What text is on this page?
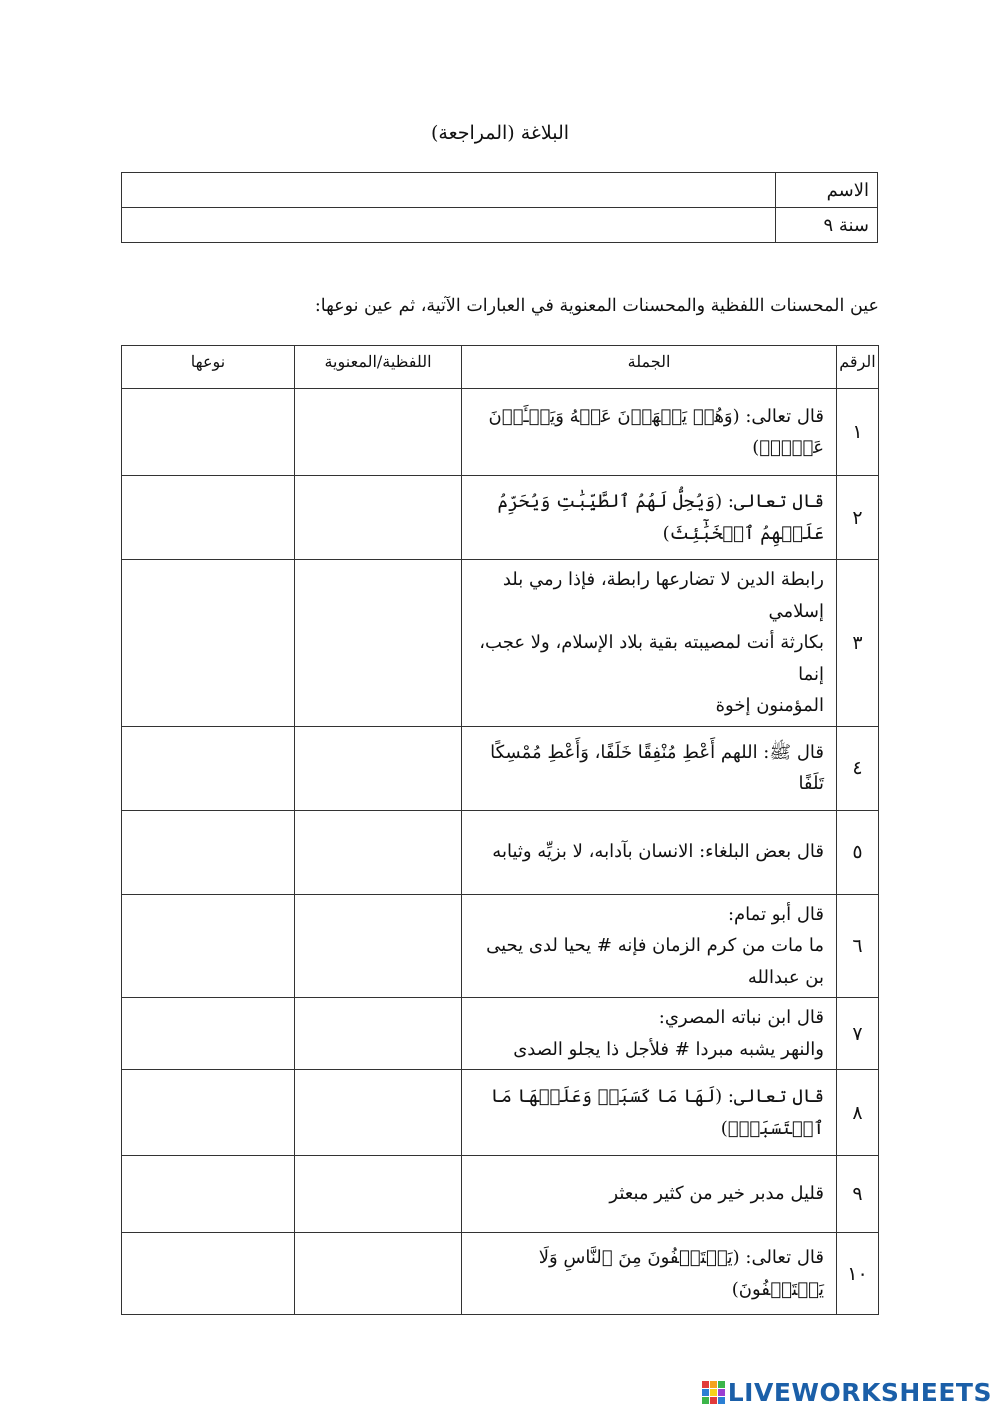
البلاغة (المراجعة)
الاسم	
سنة ٩	
عين المحسنات اللفظية والمحسنات المعنوية في العبارات الآتية، ثم عين نوعها:
الرقم	الجملة	اللفظية/المعنوية	نوعها
١	قال تعالى: (وَهُمۡ يَنۡهَوۡنَ عَنۡهُ وَيَنۡـَٔوۡنَ عَنۡهُۖ)		

٢	قال تعالى: (وَيُحِلُّ لَهُمُ ٱلطَّيِّبَٰتِ وَيُحَرِّمُ عَلَيۡهِمُ ٱلۡخَبَٰٓئِثَ)		

٣	رابطة الدين لا تضارعها رابطة، فإذا رمي بلد إسلامي
بكارثة أنت لمصيبته بقية بلاد الإسلام، ولا عجب، إنما
المؤمنون إخوة		

٤	قال ﷺ: اللهم أَعْطِ مُنْفِقًا خَلَفًا، وَأَعْطِ مُمْسِكًا تَلَفًا		

٥	قال بعض البلغاء: الانسان بآدابه، لا بزيِّه وثيابه		

٦	قال أبو تمام:
ما مات من كرم الزمان فإنه # يحيا لدى يحيى بن عبدالله		

٧	قال ابن نباته المصري:
والنهر يشبه مبردا # فلأجل ذا يجلو الصدى		

٨	قال تعالى: (لَهَا مَا كَسَبَتۡ وَعَلَيۡهَا مَا ٱكۡتَسَبَتۡۗ)		

٩	قليل مدبر خير من كثير مبعثر		

١٠	قال تعالى: (يَسۡتَخۡفُونَ مِنَ ٱلنَّاسِ وَلَا يَسۡتَخۡفُونَ)		

LIVEWORKSHEETS
